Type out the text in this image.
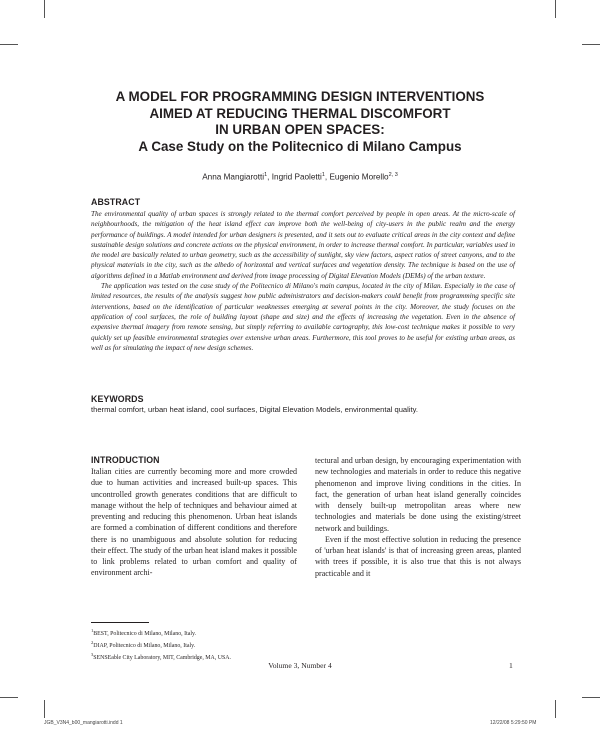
A MODEL FOR PROGRAMMING DESIGN INTERVENTIONS
AIMED AT REDUCING THERMAL DISCOMFORT
IN URBAN OPEN SPACES:
A Case Study on the Politecnico di Milano Campus
Anna Mangiarotti$^1$, Ingrid Paoletti$^1$, Eugenio Morello$^{2, 3}$
ABSTRACT

The environmental quality of urban spaces is strongly related to the thermal comfort perceived by people in open areas. At the micro-scale of neighbourhoods, the mitigation of the heat island effect can improve both the well-being of city-users in the public realm and the energy performance of buildings. A model intended for urban designers is presented, and it sets out to evaluate critical areas in the city context and define sustainable design solutions and concrete actions on the physical environment, in order to increase thermal comfort. In particular, variables used in the model are basically related to urban geometry, such as the accessibility of sunlight, sky view factors, aspect ratios of street canyons, and to the physical materials in the city, such as the albedo of horizontal and vertical surfaces and vegetation density. The technique is based on the use of algorithms defined in a Matlab environment and derived from image processing of Digital Elevation Models (DEMs) of the urban texture.

The application was tested on the case study of the Politecnico di Milano's main campus, located in the city of Milan. Especially in the case of limited resources, the results of the analysis suggest how public administrators and decision-makers could benefit from programming specific site interventions, based on the identification of particular weaknesses emerging at several points in the city. Moreover, the study focuses on the application of cool surfaces, the role of building layout (shape and size) and the effects of increasing the vegetation. Even in the absence of expensive thermal imagery from remote sensing, but simply referring to available cartography, this low-cost technique makes it possible to very quickly set up feasible environmental strategies over extensive urban areas. Furthermore, this tool proves to be useful for existing urban areas, as well as for simulating the impact of new design schemes.

KEYWORDS

thermal comfort, urban heat island, cool surfaces, Digital Elevation Models, environmental quality.

INTRODUCTION

Italian cities are currently becoming more and more crowded due to human activities and increased built-up spaces. This uncontrolled growth generates conditions that are difficult to manage without the help of techniques and behaviour aimed at preventing and reducing this phenomenon. Urban heat islands are formed a combination of different conditions and therefore there is no unambiguous and absolute solution for reducing their effect. The study of the urban heat island makes it possible to link problems related to urban comfort and quality of environment archi-

tectural and urban design, by encouraging experimentation with new technologies and materials in order to reduce this negative phenomenon and improve living conditions in the cities. In fact, the generation of urban heat island generally coincides with densely built-up metropolitan areas where new technologies and materials be done using the existing/street network and buildings.

Even if the most effective solution in reducing the presence of 'urban heat islands' is that of increasing green areas, planted with trees if possible, it is also true that this is not always practicable and it

$^1$BEST, Politecnico di Milano, Milano, Italy.
$^2$DIAP, Politecnico di Milano, Milano, Italy.
$^3$SENSEable City Laboratory, MIT, Cambridge, MA, USA.
Volume 3, Number 4	1
JGB_V3N4_b00_mangiarotti.indd 1	12/22/08 5:29:50 PM
